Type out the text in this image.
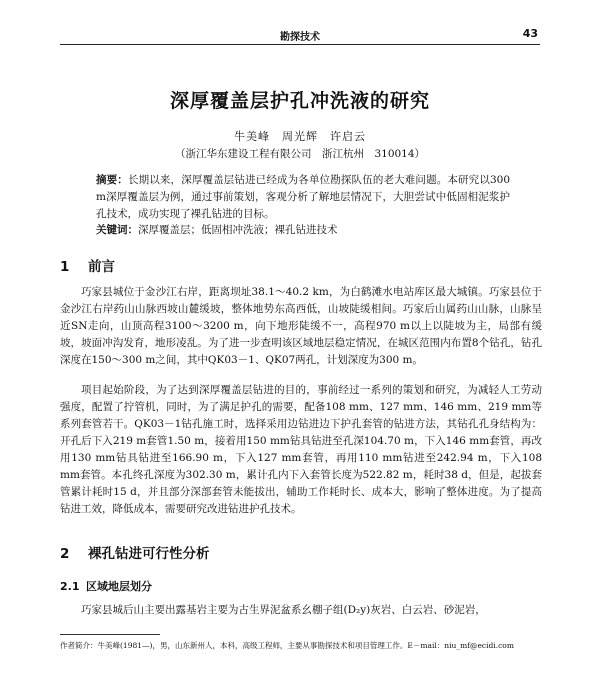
勘探技术	43
深厚覆盖层护孔冲洗液的研究
牛美峰　周光辉　许启云
（浙江华东建设工程有限公司　浙江杭州　310014）

摘要：长期以来，深厚覆盖层钻进已经成为各单位勘探队伍的老大难问题。本研究以300 m深厚覆盖层为例，通过事前策划，客观分析了解地层情况下，大胆尝试中低固相泥浆护孔技术，成功实现了裸孔钻进的目标。

关键词：深厚覆盖层；低固相冲洗液；裸孔钻进技术

1 前言

巧家县城位于金沙江右岸，距离坝址38.1～40.2 km，为白鹤滩水电站库区最大城镇。巧家县位于金沙江右岸药山山脉西坡山麓缓坡，整体地势东高西低，山坡陡缓相间。巧家后山属药山山脉，山脉呈近SN走向，山顶高程3100～3200 m，向下地形陡缓不一，高程970 m以上以陡坡为主，局部有缓坡，坡面冲沟发育，地形凌乱。为了进一步查明该区域地层稳定情况，在城区范围内布置8个钻孔，钻孔深度在150～300 m之间，其中QK03－1、QK07两孔，计划深度为300 m。

项目起始阶段，为了达到深厚覆盖层钻进的目的，事前经过一系列的策划和研究，为减轻人工劳动强度，配置了拧管机，同时，为了满足护孔的需要，配备108 mm、127 mm、146 mm、219 mm等系列套管若干。QK03－1钻孔施工时，选择采用边钻进边下护孔套管的钻进方法，其钻孔孔身结构为：开孔后下入219 m套管1.50 m，接着用150 mm钻具钻进至孔深104.70 m，下入146 mm套管，再改用130 mm钻具钻进至166.90 m，下入127 mm套管，再用110 mm钻进至242.94 m，下入108 mm套管。本孔终孔深度为302.30 m，累计孔内下入套管长度为522.82 m，耗时38 d，但是，起拔套管累计耗时15 d，并且部分深部套管未能拔出，辅助工作耗时长、成本大，影响了整体进度。为了提高钻进工效，降低成本，需要研究改进钻进护孔技术。

2 裸孔钻进可行性分析
2.1 区域地层划分

巧家县城后山主要出露基岩主要为古生界泥盆系幺棚子组(D₂y)灰岩、白云岩、砂泥岩，

作者简介：牛美峰(1981—)，男，山东新州人，本科，高级工程师，主要从事勘探技术和项目管理工作。E－mail：niu_mf@ecidi.com
